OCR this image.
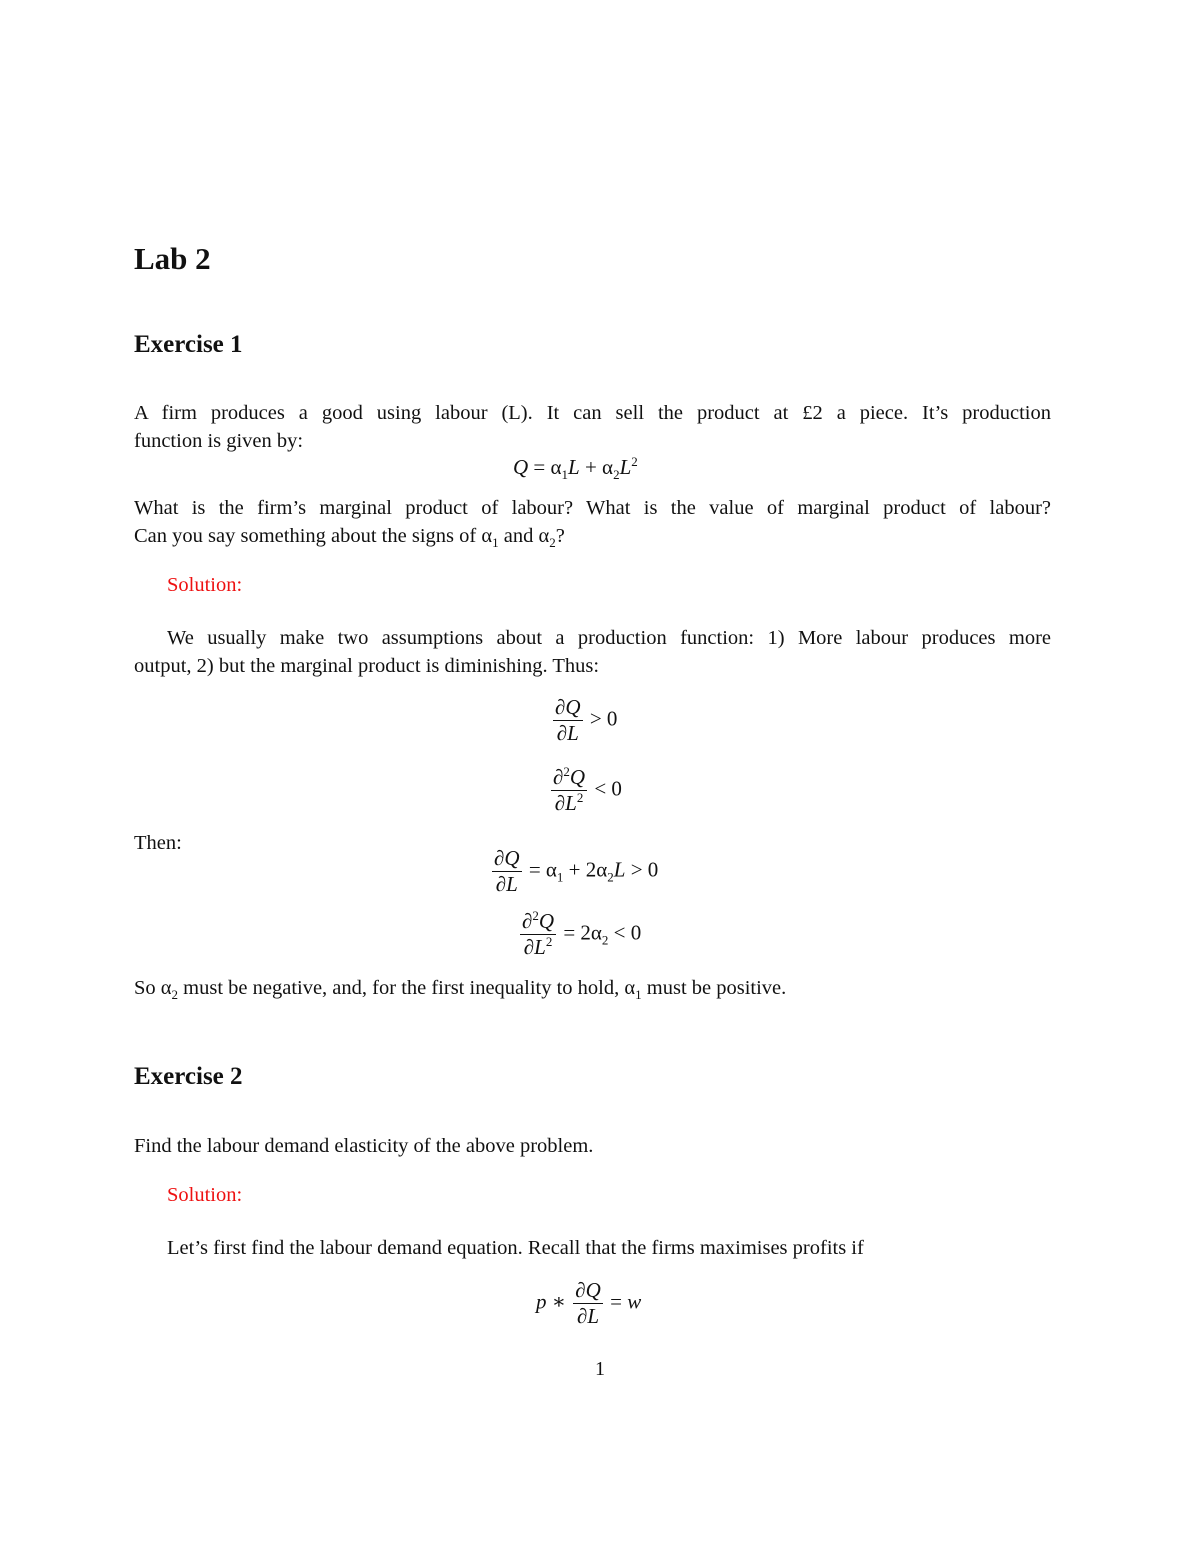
Lab 2
Exercise 1

A firm produces a good using labour (L). It can sell the product at £2 a piece. It’s production

function is given by:

$Q = \alpha_1L + \alpha_2L^2$

What is the firm’s marginal product of labour? What is the value of marginal product of labour?

Can you say something about the signs of $\alpha_1$ and $\alpha_2$?

Solution:

We usually make two assumptions about a production function: 1) More labour produces more

output, 2) but the marginal product is diminishing. Thus:

$\frac{\partial Q}{\partial L} > 0$
$\frac{\partial^2Q}{\partial L^2} < 0$

Then:

$\frac{\partial Q}{\partial L} = \alpha_1 + 2\alpha_2L > 0$
$\frac{\partial^2Q}{\partial L^2} = 2\alpha_2 < 0$

So $\alpha_2$ must be negative, and, for the first inequality to hold, $\alpha_1$ must be positive.

Exercise 2

Find the labour demand elasticity of the above problem.

Solution:

Let’s first find the labour demand equation. Recall that the firms maximises profits if

p ∗ $\frac{\partial Q}{\partial L} = w$
1
